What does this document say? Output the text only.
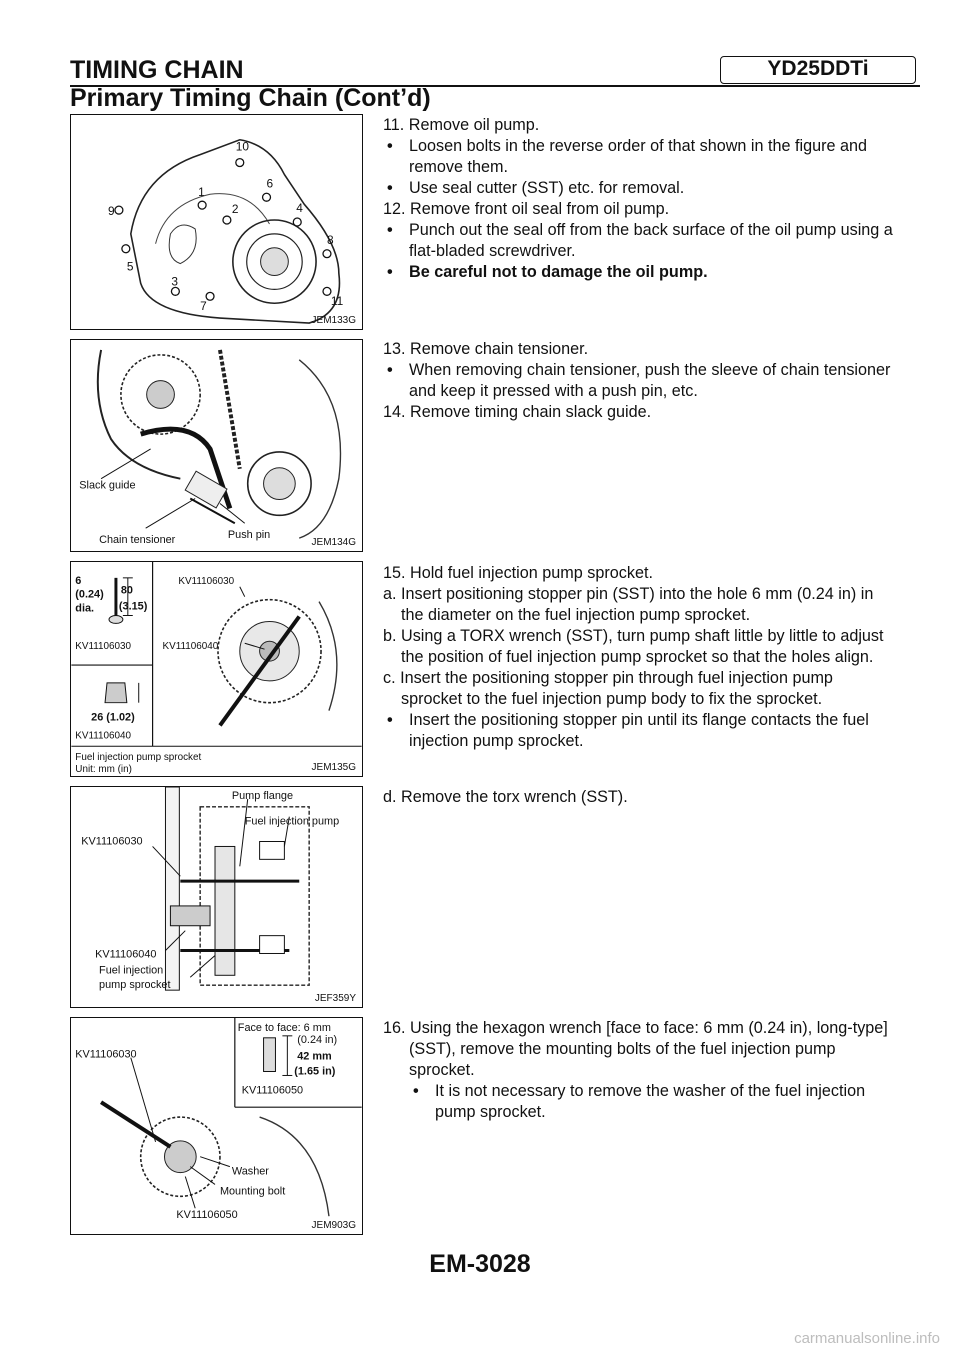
TIMING CHAIN	YD25DDTi
Primary Timing Chain (Cont’d)
10
1
6
9	2	4
5
8
3
7	11
JEM133G
Slack guide
Chain tensioner	Push pin
JEM134G
6
(0.24)
dia.
80
(3.15)
26 (1.02)
KV11106030
KV11106040
KV11106030
KV11106040
Fuel injection pump sprocket
Unit: mm (in)	JEM135G
Pump flange
Fuel injection pump
KV11106030
KV11106040
Fuel injection
pump sprocket
JEF359Y
Face to face: 6 mm
(0.24 in)
42 mm
(1.65 in)
KV11106050
KV11106030
Washer
Mounting bolt
KV11106050
JEM903G

11. Remove oil pump.

• Loosen bolts in the reverse order of that shown in the figure and remove them.

• Use seal cutter (SST) etc. for removal.

12. Remove front oil seal from oil pump.

• Punch out the seal off from the back surface of the oil pump using a flat-bladed screwdriver.

• Be careful not to damage the oil pump.

13. Remove chain tensioner.

• When removing chain tensioner, push the sleeve of chain tensioner and keep it pressed with a push pin, etc.

14. Remove timing chain slack guide.

15. Hold fuel injection pump sprocket.

a. Insert positioning stopper pin (SST) into the hole 6 mm (0.24 in) in the diameter on the fuel injection pump sprocket.

b. Using a TORX wrench (SST), turn pump shaft little by little to adjust the position of fuel injection pump sprocket so that the holes align.

c. Insert the positioning stopper pin through fuel injection pump sprocket to the fuel injection pump body to fix the sprocket.

• Insert the positioning stopper pin until its flange contacts the fuel injection pump sprocket.

d. Remove the torx wrench (SST).

16. Using the hexagon wrench [face to face: 6 mm (0.24 in), long-type] (SST), remove the mounting bolts of the fuel injection pump sprocket.

• It is not necessary to remove the washer of the fuel injection pump sprocket.

EM-3028
carmanualsonline.info
